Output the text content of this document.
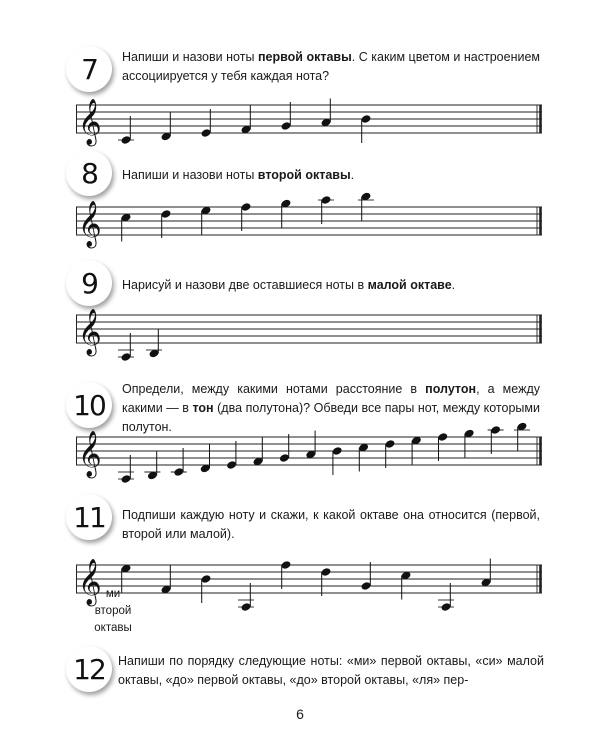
7	Напиши и назови ноты первой октавы. С каким цветом и настроением ассоциируется у тебя каждая нота?

𝄞
8	Напиши и назови ноты второй октавы.

𝄞
9	Нарисуй и назови две оставшиеся ноты в малой октаве.

𝄞
10	Определи, между какими нотами расстояние в полутон, а между какими — в тон (два полутона)? Обведи все пары нот, между которыми полутон.

𝄞
11	Подпиши каждую ноту и скажи, к какой октаве она относится (первой, второй или малой).

𝄞 ми
второй
октавы
12	Напиши по порядку следующие ноты: «ми» первой октавы, «си» малой октавы, «до» первой октавы, «до» второй октавы, «ля» пер-

6
